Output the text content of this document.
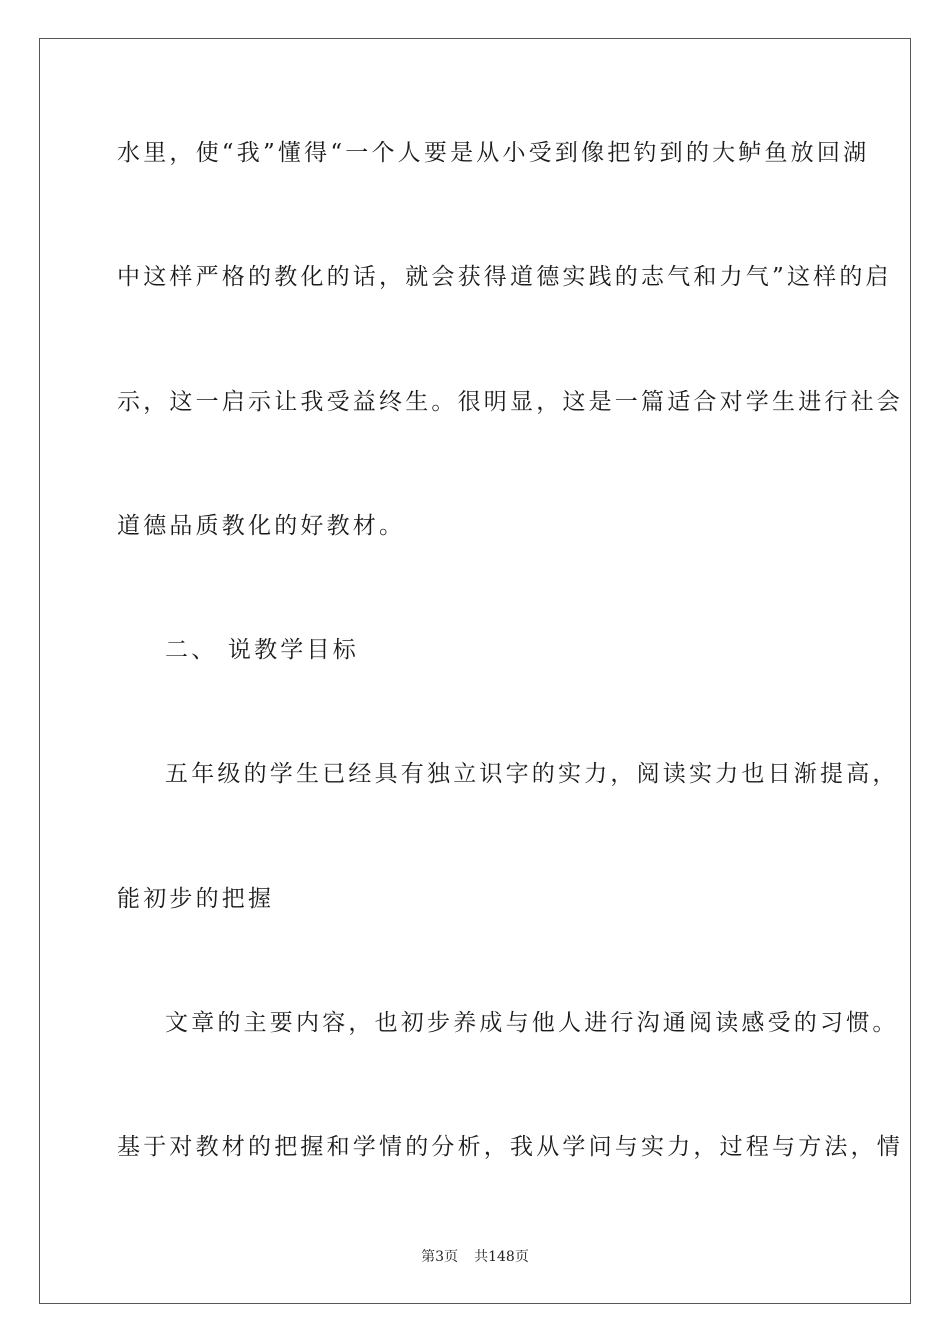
水里，使“我”懂得“一个人要是从小受到像把钓到的大鲈鱼放回湖
中这样严格的教化的话，就会获得道德实践的志气和力气”这样的启
示，这一启示让我受益终生。很明显，这是一篇适合对学生进行社会
道德品质教化的好教材。
二、 说教学目标
五年级的学生已经具有独立识字的实力，阅读实力也日渐提高，
能初步的把握
文章的主要内容，也初步养成与他人进行沟通阅读感受的习惯。
基于对教材的把握和学情的分析，我从学问与实力，过程与方法，情
第3页 共148页
